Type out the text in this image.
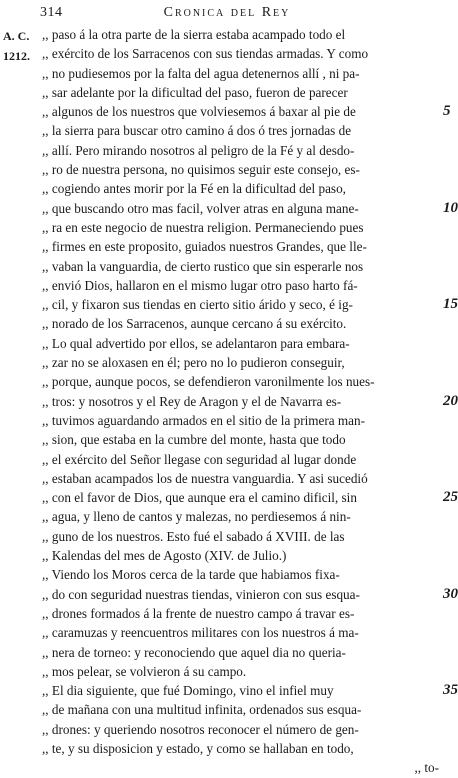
314	Cronica del Rey
A. C.
1212.
,, paso á la otra parte de la sierra estaba acampado todo el
,, exército de los Sarracenos con sus tiendas armadas. Y como
,, no pudiesemos por la falta del agua detenernos allí , ni pa-
,, sar adelante por la dificultad del paso, fueron de parecer
,, algunos de los nuestros que volviesemos á baxar al pie de
,, la sierra para buscar otro camino á dos ó tres jornadas de
,, allí. Pero mirando nosotros al peligro de la Fé y al desdo-
,, ro de nuestra persona, no quisimos seguir este consejo, es-
,, cogiendo antes morir por la Fé en la dificultad del paso,
,, que buscando otro mas facil, volver atras en alguna mane-
,, ra en este negocio de nuestra religion. Permaneciendo pues
,, firmes en este proposito, guiados nuestros Grandes, que lle-
,, vaban la vanguardia, de cierto rustico que sin esperarle nos
,, envió Dios, hallaron en el mismo lugar otro paso harto fá-
,, cil, y fixaron sus tiendas en cierto sitio árido y seco, é ig-
,, norado de los Sarracenos, aunque cercano á su exército.
,, Lo qual advertido por ellos, se adelantaron para embara-
,, zar no se aloxasen en él; pero no lo pudieron conseguir,
,, porque, aunque pocos, se defendieron varonilmente los nues-
,, tros: y nosotros y el Rey de Aragon y el de Navarra es-
,, tuvimos aguardando armados en el sitio de la primera man-
,, sion, que estaba en la cumbre del monte, hasta que todo
,, el exército del Señor llegase con seguridad al lugar donde
,, estaban acampados los de nuestra vanguardia. Y asi sucedió
,, con el favor de Dios, que aunque era el camino dificil, sin
,, agua, y lleno de cantos y malezas, no perdiesemos á nin-
,, guno de los nuestros. Esto fué el sabado á XVIII. de las
,, Kalendas del mes de Agosto (XIV. de Julio.)
,, Viendo los Moros cerca de la tarde que habiamos fixa-
,, do con seguridad nuestras tiendas, vinieron con sus esqua-
,, drones formados á la frente de nuestro campo á travar es-
,, caramuzas y reencuentros militares con los nuestros á ma-
,, nera de torneo: y reconociendo que aquel dia no queria-
,, mos pelear, se volvieron á su campo.
,, El dia siguiente, que fué Domingo, vino el infiel muy
,, de mañana con una multitud infinita, ordenados sus esqua-
,, drones: y queriendo nosotros reconocer el número de gen-
,, te, y su disposicion y estado, y como se hallaban en todo,
,, to-
5
10
15
20
25
30
35
